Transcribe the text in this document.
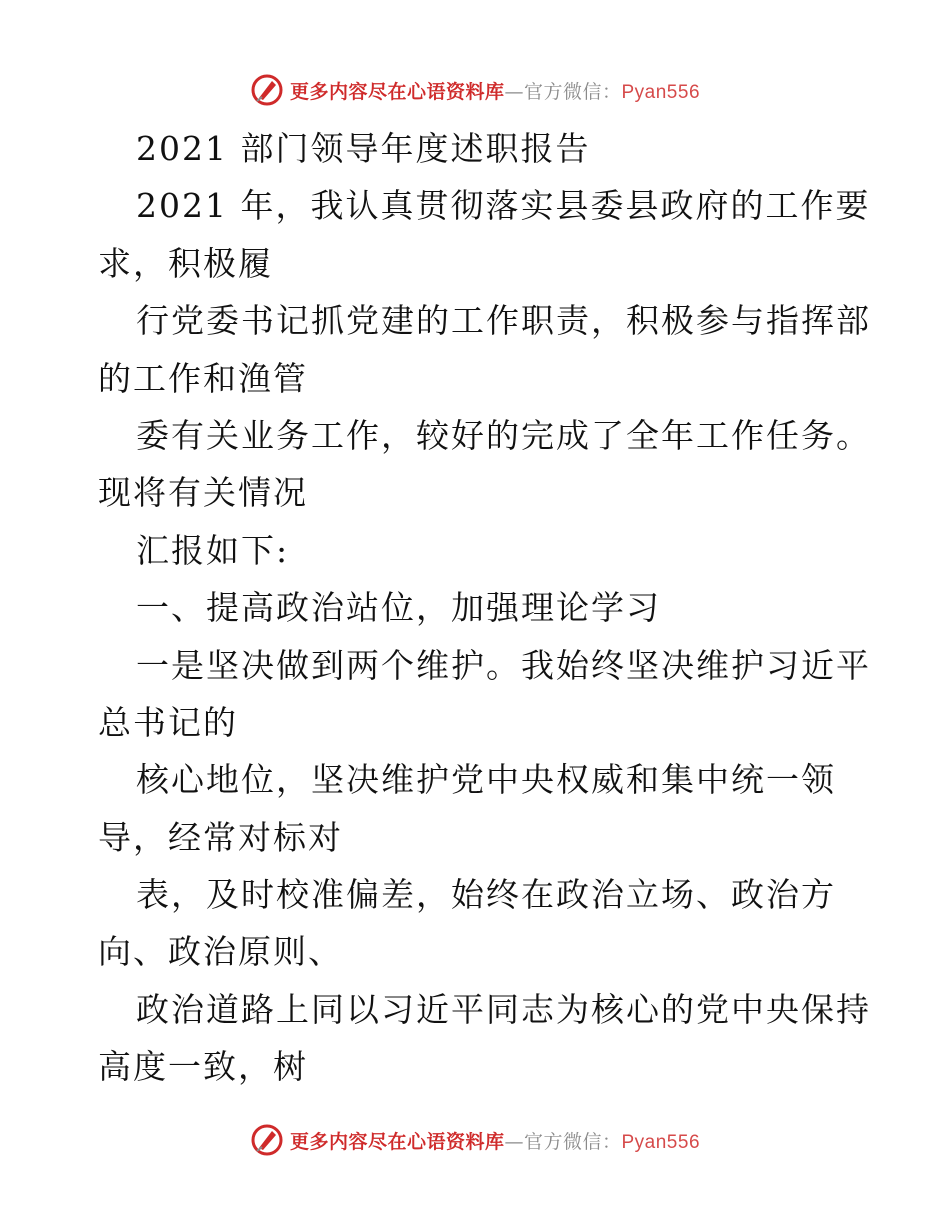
更多内容尽在心语资料库—官方微信：Pyan556
2021 部门领导年度述职报告
2021 年，我认真贯彻落实县委县政府的工作要
求，积极履
行党委书记抓党建的工作职责，积极参与指挥部
的工作和渔管
委有关业务工作，较好的完成了全年工作任务。
现将有关情况
汇报如下:
一、提高政治站位，加强理论学习
一是坚决做到两个维护。我始终坚决维护习近平
总书记的
核心地位，坚决维护党中央权威和集中统一领
导，经常对标对
表，及时校准偏差，始终在政治立场、政治方
向、政治原则、
政治道路上同以习近平同志为核心的党中央保持
高度一致，树
更多内容尽在心语资料库—官方微信：Pyan556
